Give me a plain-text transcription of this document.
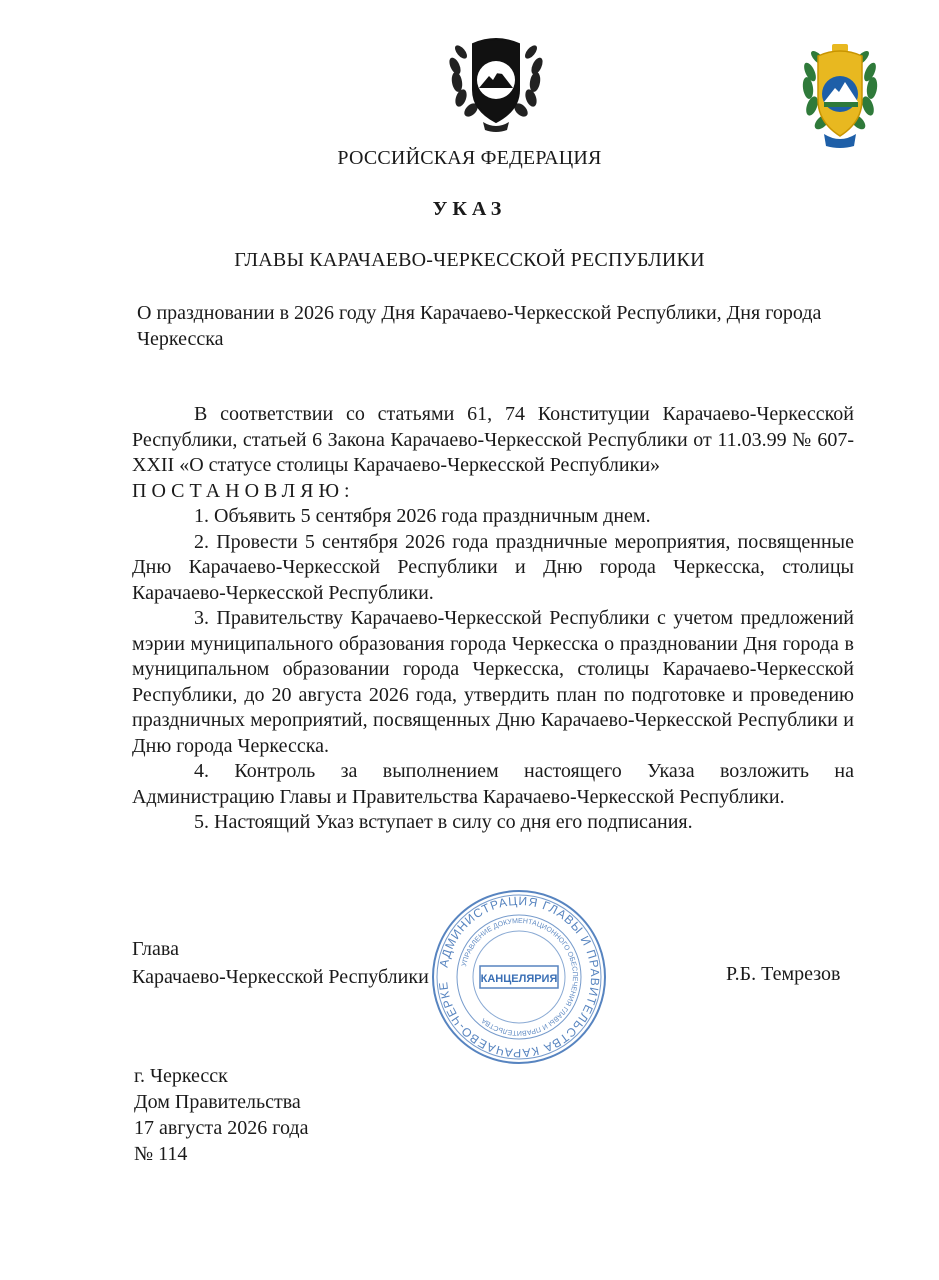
РОССИЙСКАЯ ФЕДЕРАЦИЯ
УКАЗ
ГЛАВЫ КАРАЧАЕВО-ЧЕРКЕССКОЙ РЕСПУБЛИКИ
О праздновании в 2026 году Дня Карачаево-Черкесской Республики, Дня города Черкесска

В соответствии со статьями 61, 74 Конституции Карачаево-Черкесской Республики, статьей 6 Закона Карачаево-Черкесской Республики от 11.03.99 № 607-XXII «О статусе столицы Карачаево-Черкесской Республики»

ПОСТАНОВЛЯЮ:

1. Объявить 5 сентября 2026 года праздничным днем.

2. Провести 5 сентября 2026 года праздничные мероприятия, посвященные Дню Карачаево-Черкесской Республики и Дню города Черкесска, столицы Карачаево-Черкесской Республики.

3. Правительству Карачаево-Черкесской Республики с учетом предложений мэрии муниципального образования города Черкесска о праздновании Дня города в муниципальном образовании города Черкесска, столицы Карачаево-Черкесской Республики, до 20 августа 2026 года, утвердить план по подготовке и проведению праздничных мероприятий, посвященных Дню Карачаево-Черкесской Республики и Дню города Черкесска.

4. Контроль за выполнением настоящего Указа возложить на Администрацию Главы и Правительства Карачаево-Черкесской Республики.

5. Настоящий Указ вступает в силу со дня его подписания.

Глава
Карачаево-Черкесской Республики	Р.Б. Темрезов
АДМИНИСТРАЦИЯ ГЛАВЫ И ПРАВИТЕЛЬСТВА КАРАЧАЕВО-ЧЕРКЕ
УПРАВЛЕНИЕ ДОКУМЕНТАЦИОННОГО ОБЕСПЕЧЕНИЯ ГЛАВЫ И ПРАВИТЕЛЬСТВА
КАНЦЕЛЯРИЯ
г. Черкесск
Дом Правительства
17 августа 2026 года
№ 114
